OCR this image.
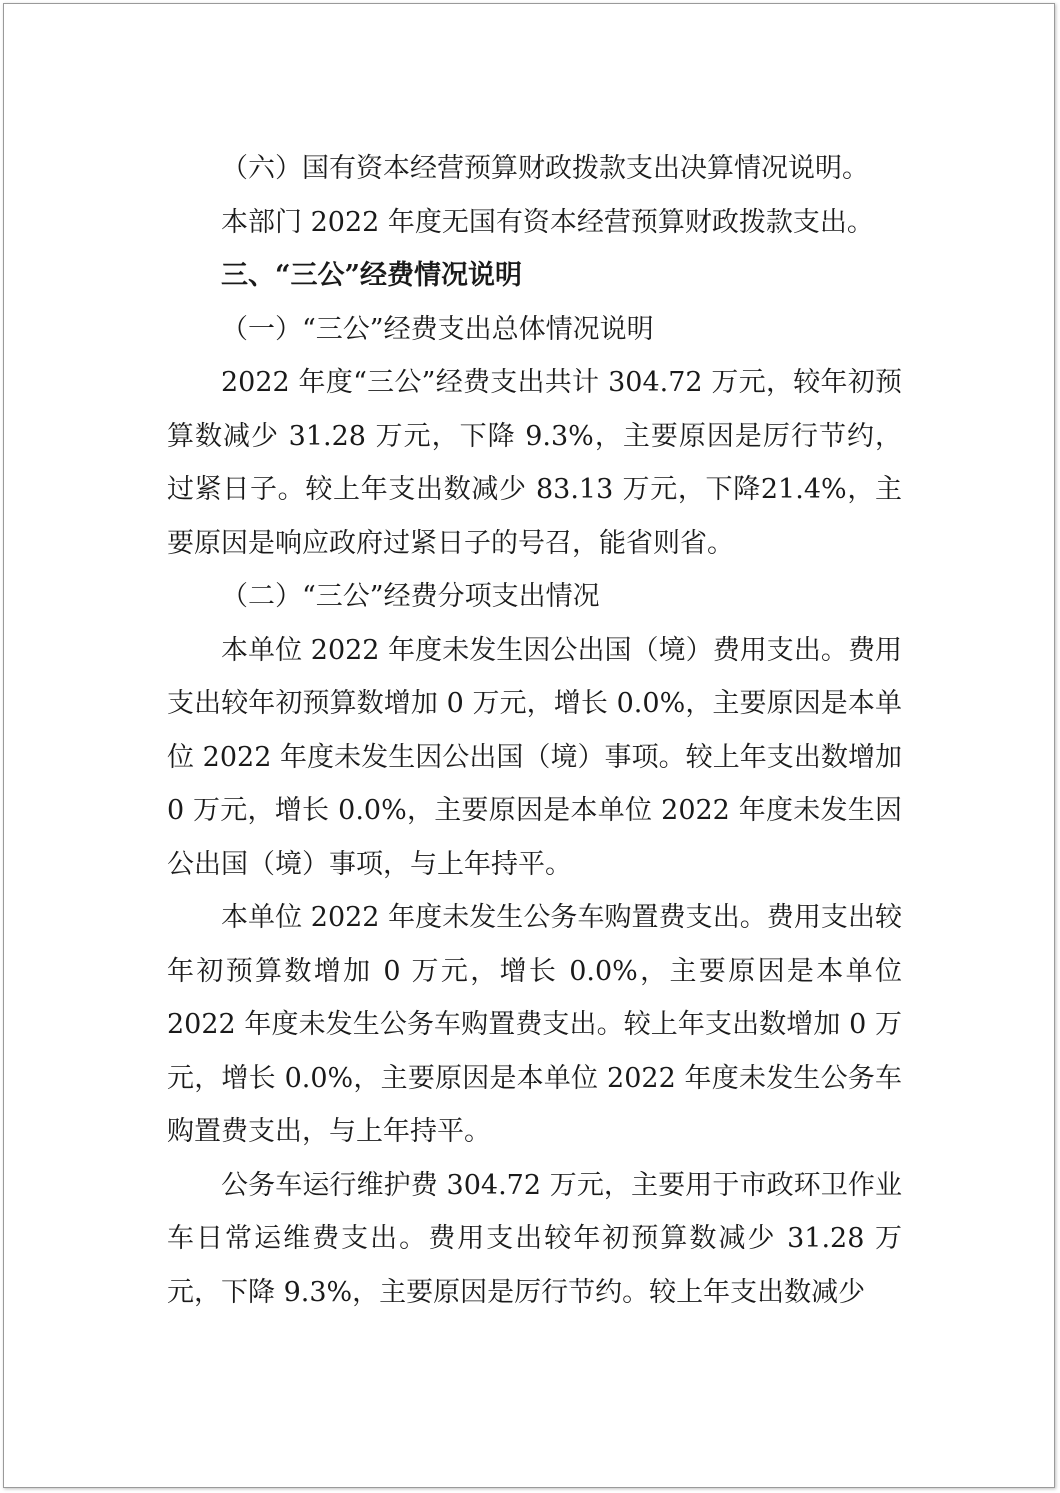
（六）国有资本经营预算财政拨款支出决算情况说明。

本部门 2022 年度无国有资本经营预算财政拨款支出。

三、“三公”经费情况说明

（一）“三公”经费支出总体情况说明

2022 年度“三公”经费支出共计 304.72 万元，较年初预算数减少 31.28 万元，下降 9.3%，主要原因是厉行节约，过紧日子。较上年支出数减少 83.13 万元，下降21.4%，主要原因是响应政府过紧日子的号召，能省则省。

（二）“三公”经费分项支出情况

本单位 2022 年度未发生因公出国（境）费用支出。费用支出较年初预算数增加 0 万元，增长 0.0%，主要原因是本单位 2022 年度未发生因公出国（境）事项。较上年支出数增加 0 万元，增长 0.0%，主要原因是本单位 2022 年度未发生因公出国（境）事项，与上年持平。

本单位 2022 年度未发生公务车购置费支出。费用支出较年初预算数增加 0 万元，增长 0.0%，主要原因是本单位 2022 年度未发生公务车购置费支出。较上年支出数增加 0 万元，增长 0.0%，主要原因是本单位 2022 年度未发生公务车购置费支出，与上年持平。

公务车运行维护费 304.72 万元，主要用于市政环卫作业车日常运维费支出。费用支出较年初预算数减少 31.28 万元，下降 9.3%，主要原因是厉行节约。较上年支出数减少
